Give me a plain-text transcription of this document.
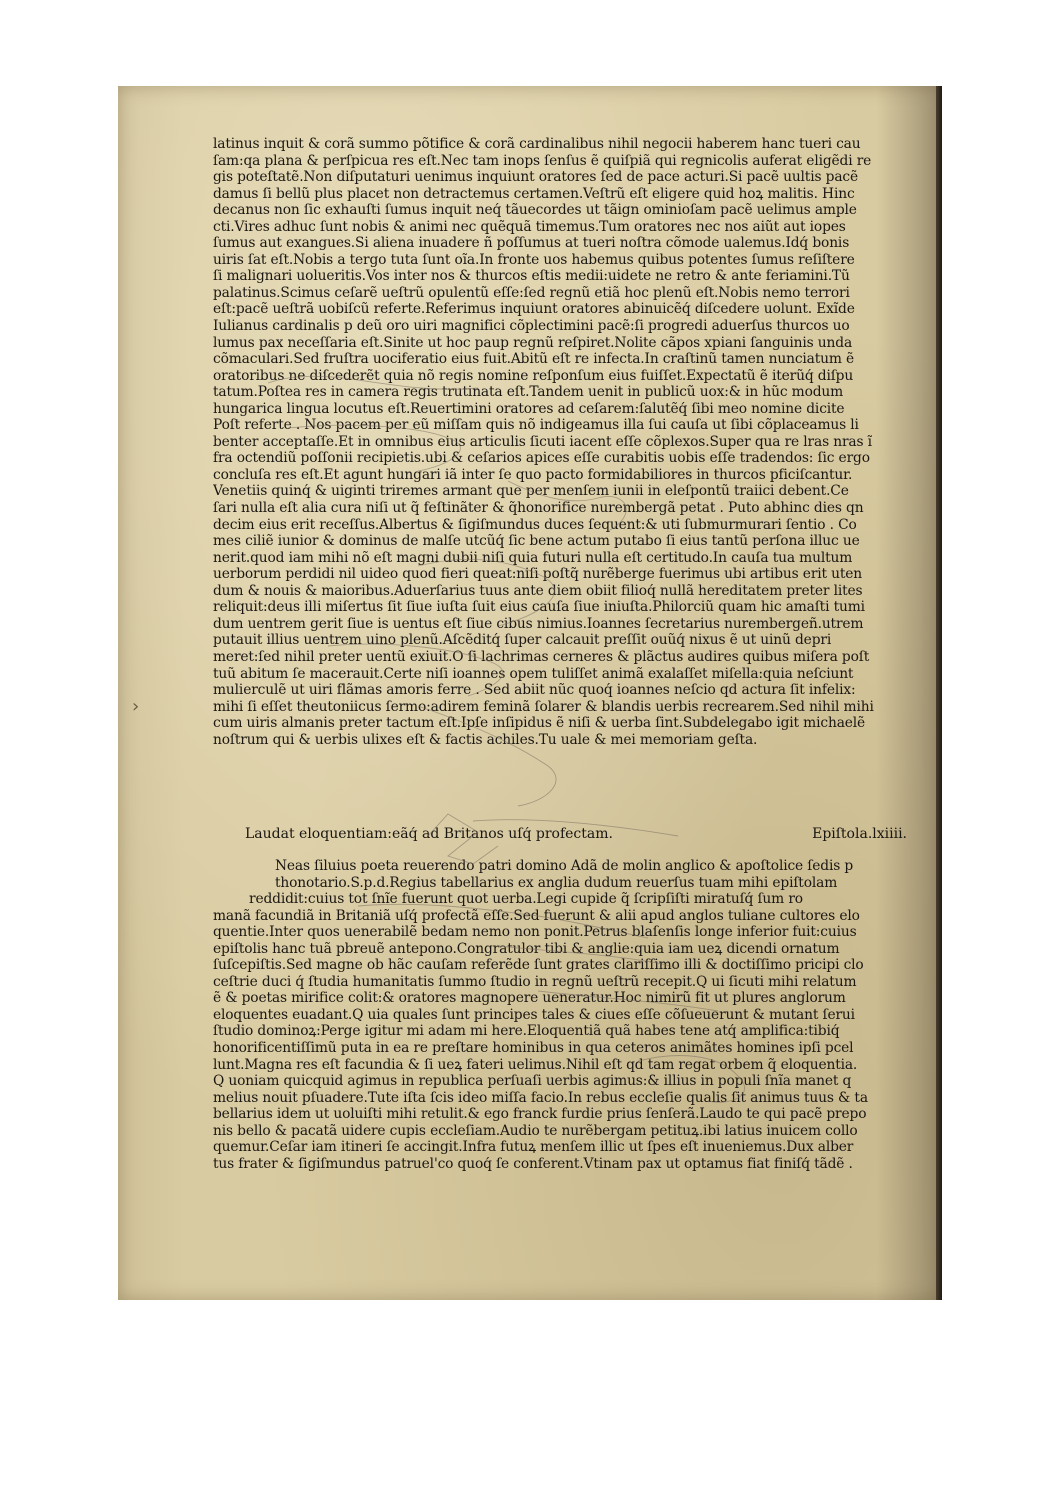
latinus inquit & corã summo põtifice & corã cardinalibus nihil negocii haberem hanc tueri cau
ſam:qa plana & perſpicua res eſt.Nec tam inops ſenſus ẽ quiſpiã qui regnicolis auferat eligẽdi re
gis poteſtatẽ.Non diſputaturi uenimus inquiunt oratores ſed de pace acturi.Si pacẽ uultis pacẽ
damus ſi bellũ plus placet non detractemus certamen.Veſtrũ eſt eligere quid hoꝝ malitis. Hinc
decanus non ſic exhauſti ſumus inquit neq́ tãuecordes ut tãign ominioſam pacẽ uelimus ample
cti.Vires adhuc ſunt nobis & animi nec quẽquã timemus.Tum oratores nec nos aiũt aut iopes
ſumus aut exangues.Si aliena inuadere ñ poſſumus at tueri noſtra cõmode ualemus.Idq́ bonis
uiris ſat eſt.Nobis a tergo tuta ſunt oĩa.In fronte uos habemus quibus potentes ſumus reſiſtere
ſi malignari uolueritis.Vos inter nos & thurcos eſtis medii:uidete ne retro & ante feriamini.Tũ
palatinus.Scimus ceſarẽ ueſtrũ opulentũ eſſe:ſed regnũ etiã hoc plenũ eſt.Nobis nemo terrori
eſt:pacẽ ueſtrã uobiſcũ referte.Referimus inquiunt oratores abinuicẽq́ diſcedere uolunt. Exĩde
Iulianus cardinalis p deũ oro uiri magnifici cõplectimini pacẽ:ſi progredi aduerſus thurcos uo
lumus pax neceſſaria eſt.Sinite ut hoc paup regnũ reſpiret.Nolite cãpos xpiani ſanguinis unda
cõmaculari.Sed fruſtra uociferatio eius fuit.Abitũ eſt re infecta.In craſtinũ tamen nunciatum ẽ
oratoribus ne diſcederẽt quia nõ regis nomine reſponſum eius fuiſſet.Expectatũ ẽ iterũq́ diſpu
tatum.Poſtea res in camera regis trutinata eſt.Tandem uenit in publicũ uox:& in hũc modum
hungarica lingua locutus eſt.Reuertimini oratores ad ceſarem:ſalutẽq́ ſibi meo nomine dicite
Poſt referte . Nos pacem per eũ miſſam quis nõ indigeamus illa ſui cauſa ut ſibi cõplaceamus li
benter acceptaſſe.Et in omnibus eius articulis ſicuti iacent eſſe cõplexos.Super qua re lras nras ĩ
fra octendiũ poſſonii recipietis.ubi & ceſarios apices eſſe curabitis uobis eſſe tradendos: ſic ergo
concluſa res eſt.Et agunt hungari iã inter ſe quo pacto formidabiliores in thurcos pficiſcantur.
Venetiis quinq́ & uiginti triremes armant que per menſem iunii in eleſpontũ traiici debent.Ce
ſari nulla eſt alia cura niſi ut q̃ feſtinãter & q̃honorifice nurembergã petat . Puto abhinc dies qn
decim eius erit receſſus.Albertus & ſigiſmundus duces ſequent:& uti ſubmurmurari ſentio . Co
mes ciliẽ iunior & dominus de malſe utcũq́ ſic bene actum putabo ſi eius tantũ perſona illuc ue
nerit.quod iam mihi nõ eſt magni dubii niſi quia futuri nulla eſt certitudo.In cauſa tua multum
uerborum perdidi nil uideo quod fieri queat:niſi poſtq̃ nurẽberge fuerimus ubi artibus erit uten
dum & nouis & maioribus.Aduerſarius tuus ante diem obiit filioq́ nullã hereditatem preter lites
reliquit:deus illi miſertus ſit ſiue iuſta ſuit eius cauſa ſiue iniuſta.Philorciũ quam hic amaſti tumi
dum uentrem gerit ſiue is uentus eſt ſiue cibus nimius.Ioannes ſecretarius nurembergeñ.utrem
putauit illius uentrem uino plenũ.Aſcẽditq́ ſuper calcauit preſſit ouũq́ nixus ẽ ut uinũ depri
meret:ſed nihil preter uentũ exiuit.O ſi lachrimas cerneres & plãctus audires quibus miſera poſt
tuũ abitum ſe macerauit.Certe niſi ioannes opem tuliſſet animã exalaſſet miſella:quia neſciunt
mulierculẽ ut uiri flãmas amoris ferre . Sed abiit nũc quoq́ ioannes neſcio qd actura ſit infelix:
mihi ſi eſſet theutoniicus ſermo:adirem feminã ſolarer & blandis uerbis recrearem.Sed nihil mihi
cum uiris almanis preter tactum eſt.Ipſe inſipidus ẽ niſi & uerba ſint.Subdelegabo igit michaelẽ
noſtrum qui & uerbis ulixes eſt & factis achiles.Tu uale & mei memoriam geſta.
Laudat eloquentiam:eãq́ ad Britanos uſq́ profectam.	Epiſtola.lxiiii.
Neas ſiluius poeta reuerendo patri domino Adã de molin anglico & apoſtolice ſedis p
thonotario.S.p.d.Regius tabellarius ex anglia dudum reuerſus tuam mihi epiſtolam
reddidit:cuius tot ſnĩe fuerunt quot uerba.Legi cupide q̃ ſcripſiſti miratuſq́ ſum ro
manã facundiã in Britaniã uſq́ profectã eſſe.Sed fuerunt & alii apud anglos tuliane cultores elo
quentie.Inter quos uenerabilẽ bedam nemo non ponit.Petrus blaſenſis longe inferior fuit:cuius
epiſtolis hanc tuã pbreuẽ antepono.Congratulor tibi & anglie:quia iam ueꝝ dicendi ornatum
ſuſcepiſtis.Sed magne ob hãc cauſam referẽde ſunt grates clariſſimo illi & doctiſſimo pricipi clo
ceſtrie duci q́ ſtudia humanitatis ſummo ſtudio in regnũ ueſtrũ recepit.Q ui ſicuti mihi relatum
ẽ & poetas mirifice colit:& oratores magnopere ueneratur.Hoc nimirũ fit ut plures anglorum
eloquentes euadant.Q uia quales ſunt principes tales & ciues eſſe cõſueuerunt & mutant ſerui
ſtudio dominoꝝ:Perge igitur mi adam mi here.Eloquentiã quã habes tene atq́ amplifica:tibiq́
honorificentiſſimũ puta in ea re preſtare hominibus in qua ceteros animãtes homines ipſi pcel
lunt.Magna res eſt facundia & ſi ueꝝ fateri uelimus.Nihil eſt qd tam regat orbem q̃ eloquentia.
Q uoniam quicquid agimus in republica perſuaſi uerbis agimus:& illius in populi ſnĩa manet q
melius nouit pſuadere.Tute iſta ſcis ideo miſſa facio.In rebus eccleſie qualis ſit animus tuus & ta
bellarius idem ut uoluiſti mihi retulit.& ego franck furdie prius ſenſerã.Laudo te qui pacẽ prepo
nis bello & pacatã uidere cupis eccleſiam.Audio te nurẽbergam petituꝝ.ibi latius inuicem collo
quemur.Ceſar iam itineri ſe accingit.Infra futuꝝ menſem illic ut ſpes eſt inueniemus.Dux alber
tus frater & ſigiſmundus patruel'co quoq́ ſe conferent.Vtinam pax ut optamus fiat finiſq́ tãdẽ .
›
